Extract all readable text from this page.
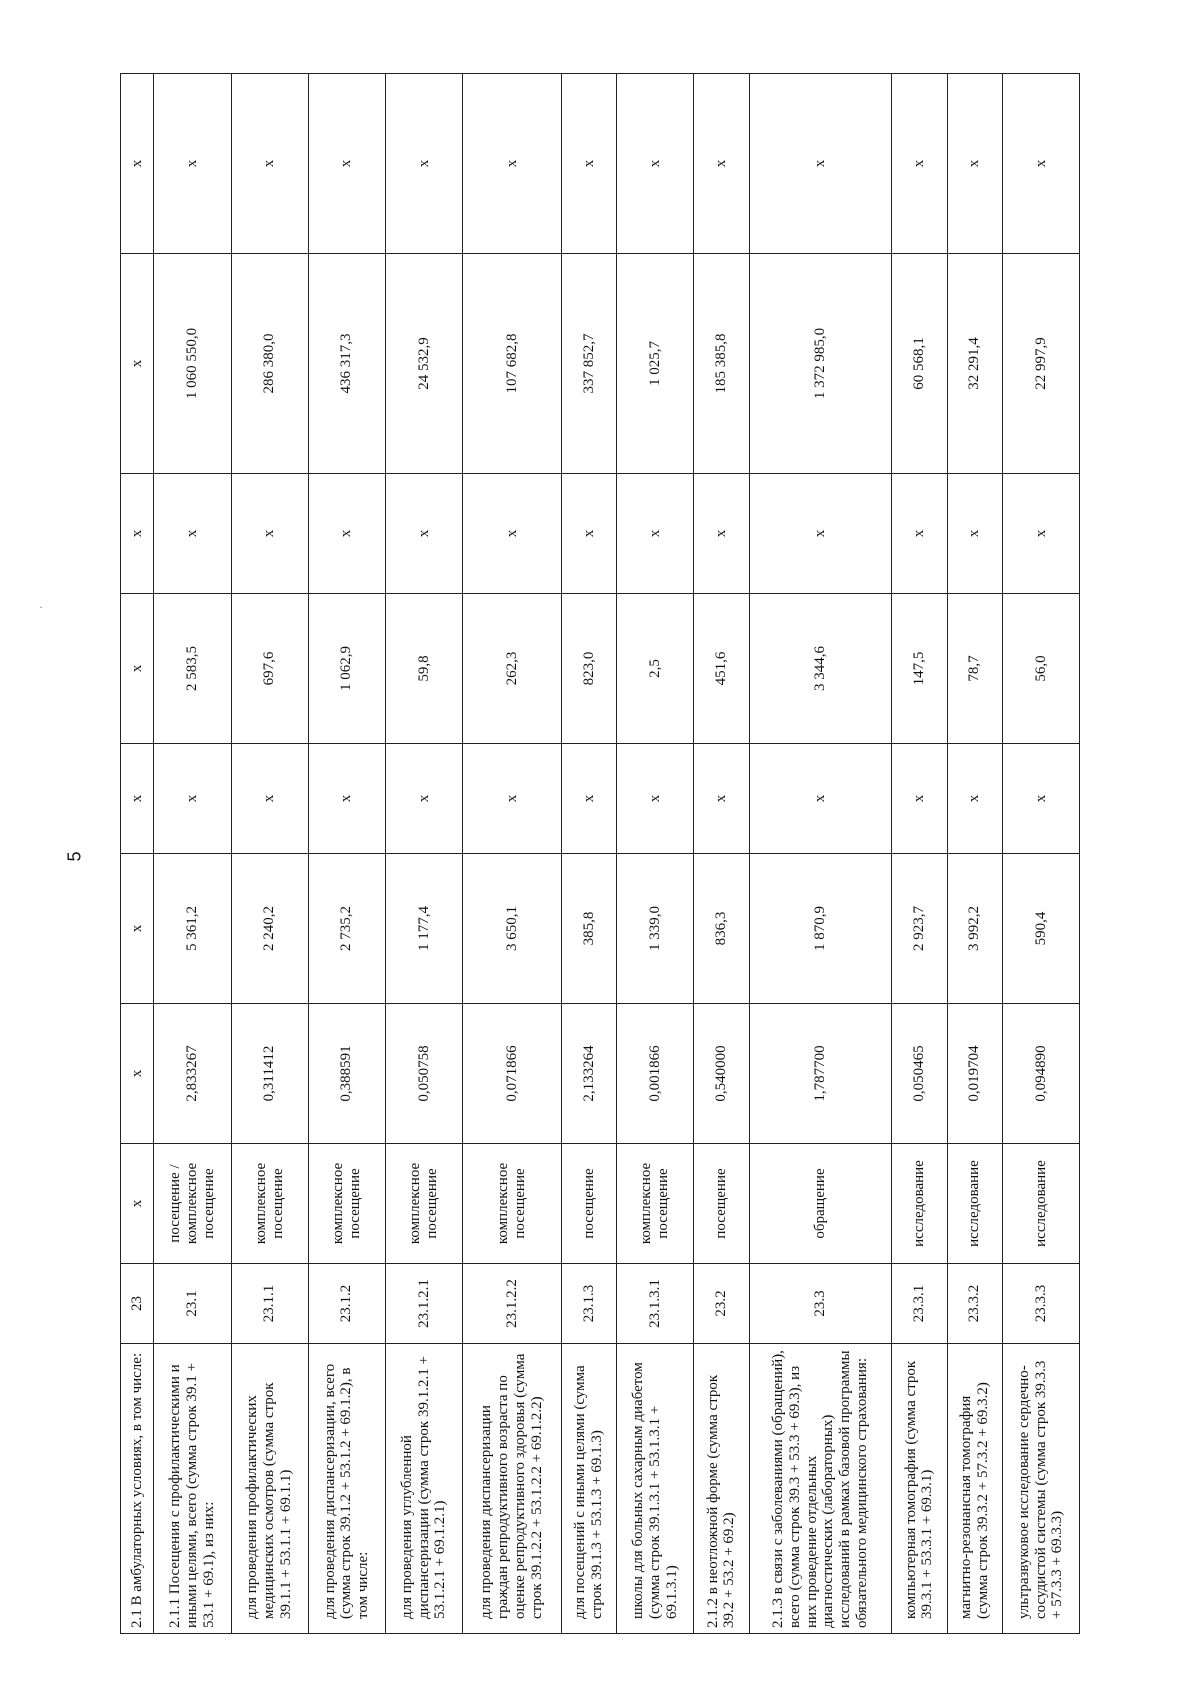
5
·
2.1 В амбулаторных условиях, в том числе:	23	х	х	х	х	х	х	х	х
2.1.1 Посещения с профилактическими и иными целями, всего (сумма строк 39.1 + 53.1 + 69.1), из них:	23.1	посещение / комплексное посещение	2,833267	5 361,2	х	2 583,5	х	1 060 550,0	х
для проведения профилактических медицинских осмотров (сумма строк 39.1.1 + 53.1.1 + 69.1.1)	23.1.1	комплексное посещение	0,311412	2 240,2	х	697,6	х	286 380,0	х
для проведения диспансеризации, всего (сумма строк 39.1.2 + 53.1.2 + 69.1.2), в том числе:	23.1.2	комплексное посещение	0,388591	2 735,2	х	1 062,9	х	436 317,3	х
для проведения углубленной диспансеризации (сумма строк 39.1.2.1 + 53.1.2.1 + 69.1.2.1)	23.1.2.1	комплексное посещение	0,050758	1 177,4	х	59,8	х	24 532,9	х
для проведения диспансеризации граждан репродуктивного возраста по оценке репродуктивного здоровья (сумма строк 39.1.2.2 + 53.1.2.2 + 69.1.2.2)	23.1.2.2	комплексное посещение	0,071866	3 650,1	х	262,3	х	107 682,8	х
для посещений с иными целями (сумма строк 39.1.3 + 53.1.3 + 69.1.3)	23.1.3	посещение	2,133264	385,8	х	823,0	х	337 852,7	х
школы для больных сахарным диабетом (сумма строк 39.1.3.1 + 53.1.3.1 + 69.1.3.1)	23.1.3.1	комплексное посещение	0,001866	1 339,0	х	2,5	х	1 025,7	х
2.1.2 в неотложной форме (сумма строк 39.2 + 53.2 + 69.2)	23.2	посещение	0,540000	836,3	х	451,6	х	185 385,8	х
2.1.3 в связи с заболеваниями (обращений), всего (сумма строк 39.3 + 53.3 + 69.3), из них проведение отдельных диагностических (лабораторных) исследований в рамках базовой программы обязательного медицинского страхования:	23.3	обращение	1,787700	1 870,9	х	3 344,6	х	1 372 985,0	х
компьютерная томография (сумма строк 39.3.1 + 53.3.1 + 69.3.1)	23.3.1	исследование	0,050465	2 923,7	х	147,5	х	60 568,1	х
магнитно-резонансная томография (сумма строк 39.3.2 + 57.3.2 + 69.3.2)	23.3.2	исследование	0,019704	3 992,2	х	78,7	х	32 291,4	х
ультразвуковое исследование сердечно-сосудистой системы (сумма строк 39.3.3 + 57.3.3 + 69.3.3)	23.3.3	исследование	0,094890	590,4	х	56,0	х	22 997,9	х
